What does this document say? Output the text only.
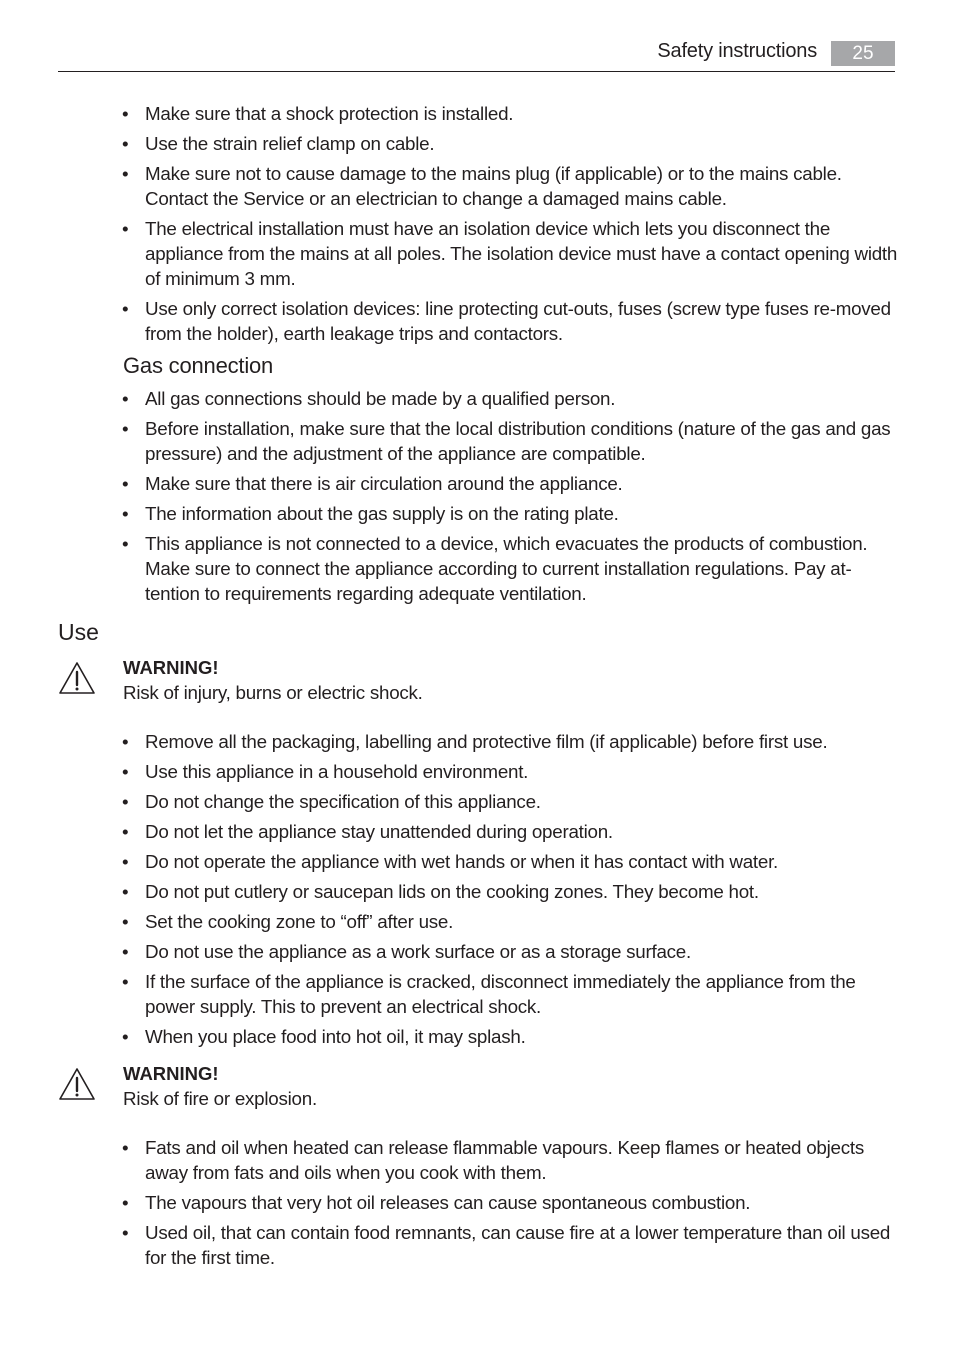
Safety instructions	25
• Make sure that a shock protection is installed.
• Use the strain relief clamp on cable.
• Make sure not to cause damage to the mains plug (if applicable) or to the mains cable. Contact the Service or an electrician to change a damaged mains cable.
• The electrical installation must have an isolation device which lets you disconnect the appliance from the mains at all poles. The isolation device must have a contact opening width of minimum 3 mm.
• Use only correct isolation devices: line protecting cut-outs, fuses (screw type fuses re-moved from the holder), earth leakage trips and contactors.
Gas connection
• All gas connections should be made by a qualified person.
• Before installation, make sure that the local distribution conditions (nature of the gas and gas pressure) and the adjustment of the appliance are compatible.
• Make sure that there is air circulation around the appliance.
• The information about the gas supply is on the rating plate.
• This appliance is not connected to a device, which evacuates the products of combustion. Make sure to connect the appliance according to current installation regulations. Pay at-tention to requirements regarding adequate ventilation.
Use
WARNING!
Risk of injury, burns or electric shock.
• Remove all the packaging, labelling and protective film (if applicable) before first use.
• Use this appliance in a household environment.
• Do not change the specification of this appliance.
• Do not let the appliance stay unattended during operation.
• Do not operate the appliance with wet hands or when it has contact with water.
• Do not put cutlery or saucepan lids on the cooking zones. They become hot.
• Set the cooking zone to “off” after use.
• Do not use the appliance as a work surface or as a storage surface.
• If the surface of the appliance is cracked, disconnect immediately the appliance from the power supply. This to prevent an electrical shock.
• When you place food into hot oil, it may splash.
WARNING!
Risk of fire or explosion.
• Fats and oil when heated can release flammable vapours. Keep flames or heated objects away from fats and oils when you cook with them.
• The vapours that very hot oil releases can cause spontaneous combustion.
• Used oil, that can contain food remnants, can cause fire at a lower temperature than oil used for the first time.
